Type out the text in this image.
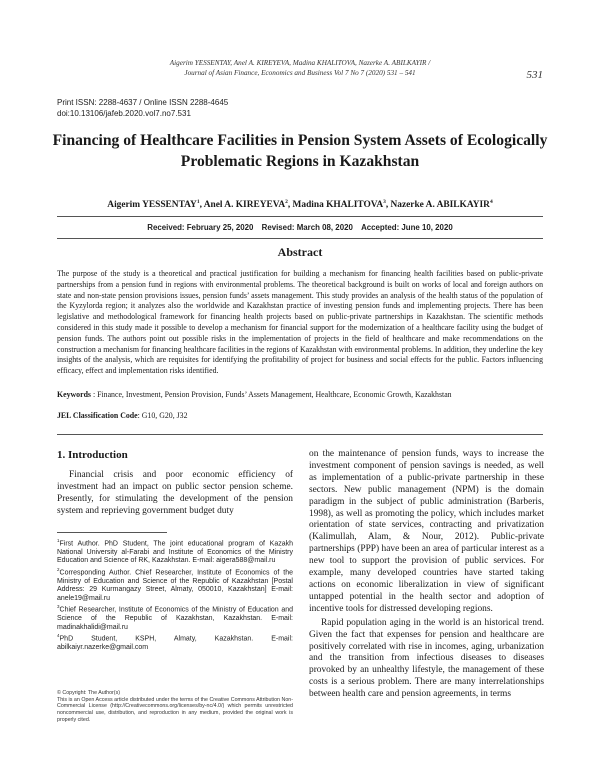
Aigerim YESSENTAY, Anel A. KIREYEVA, Madina KHALITOVA, Nazerke A. ABILKAYIR /
Journal of Asian Finance, Economics and Business Vol 7 No 7 (2020) 531 – 541	531
Print ISSN: 2288-4637 / Online ISSN 2288-4645
doi:10.13106/jafeb.2020.vol7.no7.531
Financing of Healthcare Facilities in Pension System Assets of Ecologically Problematic Regions in Kazakhstan
Aigerim YESSENTAY$^1$, Anel A. KIREYEVA$^2$, Madina KHALITOVA$^3$, Nazerke A. ABILKAYIR$^4$
Received: February 25, 2020 Revised: March 08, 2020 Accepted: June 10, 2020
Abstract
The purpose of the study is a theoretical and practical justification for building a mechanism for financing health facilities based on public-private partnerships from a pension fund in regions with environmental problems. The theoretical background is built on works of local and foreign authors on state and non-state pension provisions issues, pension funds’ assets management. This study provides an analysis of the health status of the population of the Kyzylorda region; it analyzes also the worldwide and Kazakhstan practice of investing pension funds and implementing projects. There has been legislative and methodological framework for financing health projects based on public-private partnerships in Kazakhstan. The scientific methods considered in this study made it possible to develop a mechanism for financial support for the modernization of a healthcare facility using the budget of pension funds. The authors point out possible risks in the implementation of projects in the field of healthcare and make recommendations on the construction a mechanism for financing healthcare facilities in the regions of Kazakhstan with environmental problems. In addition, they underline the key insights of the analysis, which are requisites for identifying the profitability of project for business and social effects for the public. Factors influencing efficacy, effect and implementation risks identified.
Keywords : Finance, Investment, Pension Provision, Funds’ Assets Management, Healthcare, Economic Growth, Kazakhstan
JEL Classification Code: G10, G20, J32
1. Introduction

Financial crisis and poor economic efficiency of investment had an impact on public sector pension scheme. Presently, for stimulating the development of the pension system and reprieving government budget duty

$^1$First Author. PhD Student, The joint educational program of Kazakh National University al-Farabi and Institute of Economics of the Ministry Education and Science of RK, Kazakhstan. E-mail: aigera588@mail.ru

$^2$Corresponding Author. Chief Researcher, Institute of Economics of the Ministry of Education and Science of the Republic of Kazakhstan [Postal Address: 29 Kurmangazy Street, Almaty, 050010, Kazakhstan] E-mail: anele19@mail.ru

$^3$Chief Researcher, Institute of Economics of the Ministry of Education and Science of the Republic of Kazakhstan, Kazakhstan. E-mail: madinakhalidi@mail.ru

$^4$PhD Student, KSPH, Almaty, Kazakhstan. E-mail: abilkaiyr.nazerke@gmail.com

© Copyright: The Author(s)

This is an Open Access article distributed under the terms of the Creative Commons Attribution Non-Commercial License (http://Creativecommons.org/licenses/by-nc/4.0/) which permits unrestricted noncommercial use, distribution, and reproduction in any medium, provided the original work is properly cited.

on the maintenance of pension funds, ways to increase the investment component of pension savings is needed, as well as implementation of a public-private partnership in these sectors. New public management (NPM) is the domain paradigm in the subject of public administration (Barberis, 1998), as well as promoting the policy, which includes market orientation of state services, contracting and privatization (Kalimullah, Alam, & Nour, 2012). Public-private partnerships (PPP) have been an area of particular interest as a new tool to support the provision of public services. For example, many developed countries have started taking actions on economic liberalization in view of significant untapped potential in the health sector and adoption of incentive tools for distressed developing regions.

Rapid population aging in the world is an historical trend. Given the fact that expenses for pension and healthcare are positively correlated with rise in incomes, aging, urbanization and the transition from infectious diseases to diseases provoked by an unhealthy lifestyle, the management of these costs is a serious problem. There are many interrelationships between health care and pension agreements, in terms
